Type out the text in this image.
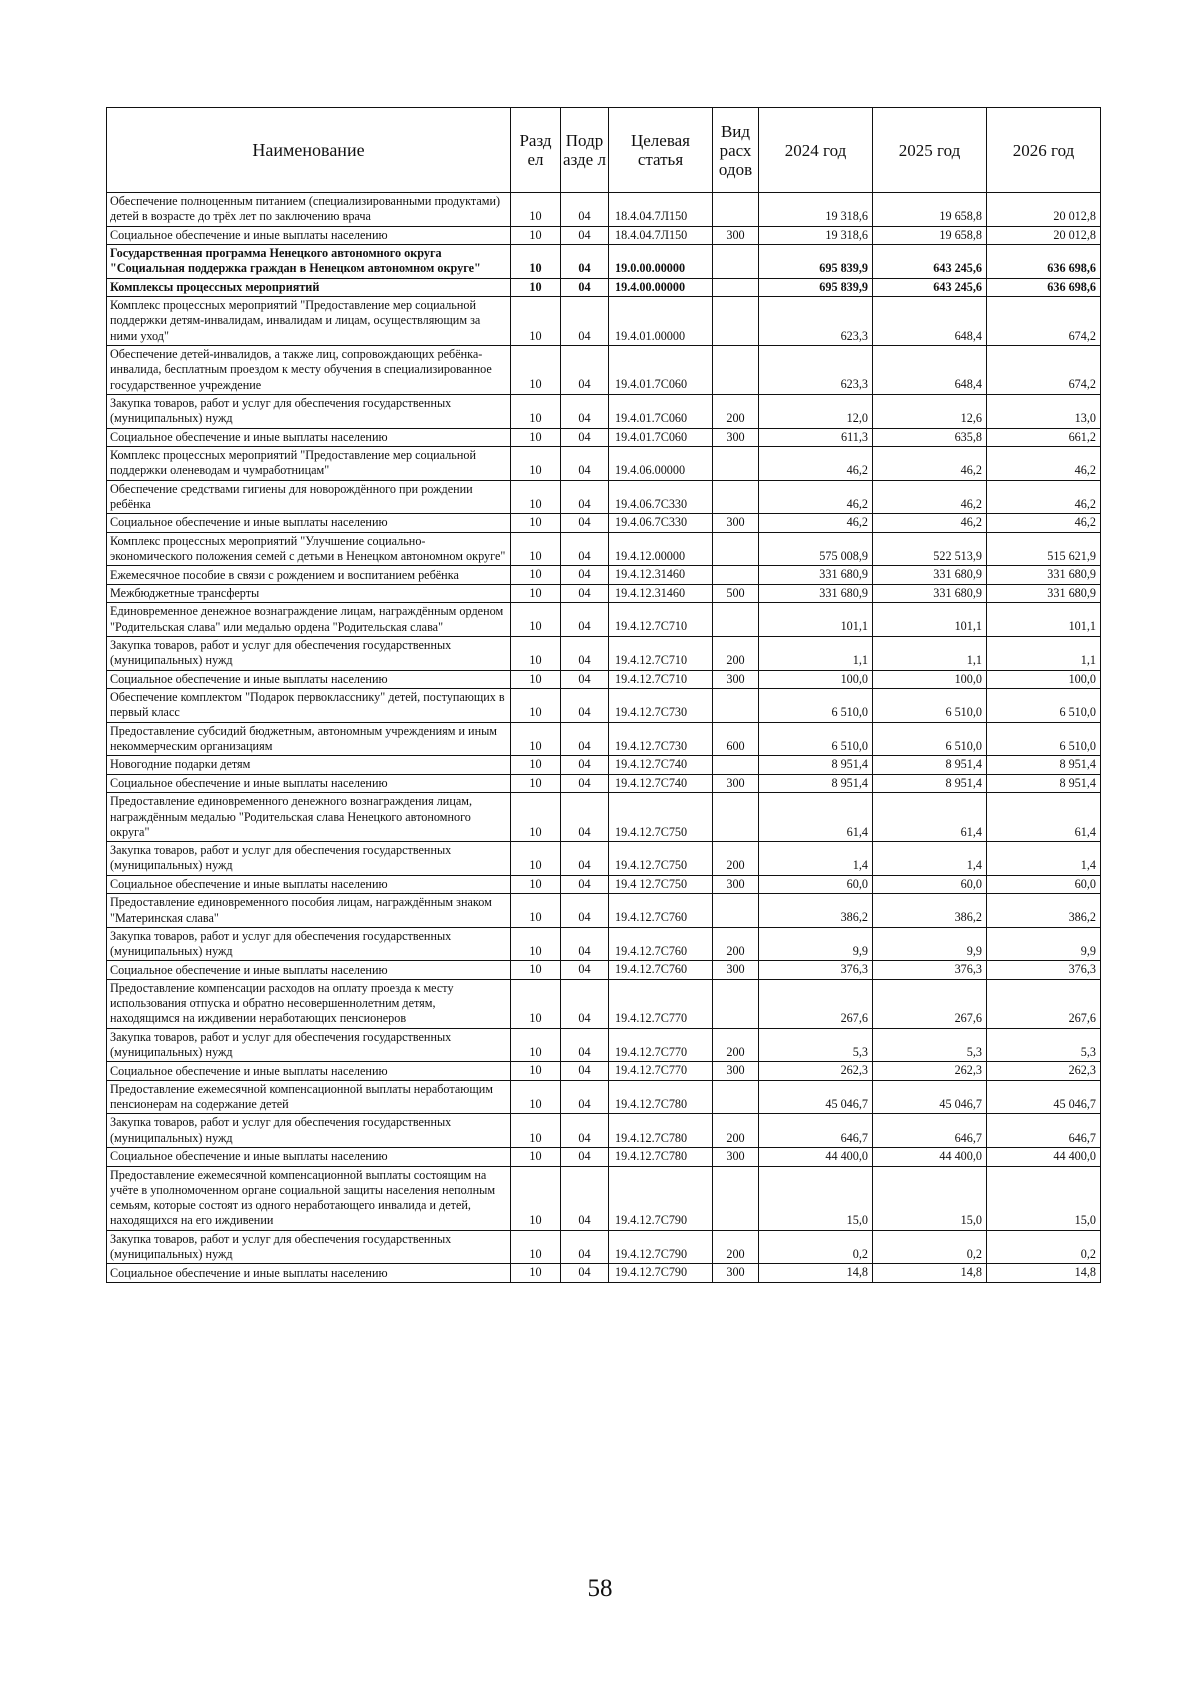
Наименование	Разд ел	Подр азде л	Целевая статья	Вид расх одов	2024 год	2025 год	2026 год
Обеспечение полноценным питанием (специализированными продуктами) детей в возрасте до трёх лет по заключению врача	10	04	18.4.04.7Л150		19 318,6	19 658,8	20 012,8
Социальное обеспечение и иные выплаты населению	10	04	18.4.04.7Л150	300	19 318,6	19 658,8	20 012,8
Государственная программа Ненецкого автономного округа "Социальная поддержка граждан в Ненецком автономном округе"	10	04	19.0.00.00000		695 839,9	643 245,6	636 698,6
Комплексы процессных мероприятий	10	04	19.4.00.00000		695 839,9	643 245,6	636 698,6
Комплекс процессных мероприятий "Предоставление мер социальной поддержки детям-инвалидам, инвалидам и лицам, осуществляющим за ними уход"	10	04	19.4.01.00000		623,3	648,4	674,2
Обеспечение детей-инвалидов, а также лиц, сопровождающих ребёнка-инвалида, бесплатным проездом к месту обучения в специализированное государственное учреждение	10	04	19.4.01.7С060		623,3	648,4	674,2
Закупка товаров, работ и услуг для обеспечения государственных (муниципальных) нужд	10	04	19.4.01.7С060	200	12,0	12,6	13,0
Социальное обеспечение и иные выплаты населению	10	04	19.4.01.7С060	300	611,3	635,8	661,2
Комплекс процессных мероприятий "Предоставление мер социальной поддержки оленеводам и чумработницам"	10	04	19.4.06.00000		46,2	46,2	46,2
Обеспечение средствами гигиены для новорождённого при рождении ребёнка	10	04	19.4.06.7С330		46,2	46,2	46,2
Социальное обеспечение и иные выплаты населению	10	04	19.4.06.7С330	300	46,2	46,2	46,2
Комплекс процессных мероприятий "Улучшение социально-экономического положения семей с детьми в Ненецком автономном округе"	10	04	19.4.12.00000		575 008,9	522 513,9	515 621,9
Ежемесячное пособие в связи с рождением и воспитанием ребёнка	10	04	19.4.12.31460		331 680,9	331 680,9	331 680,9
Межбюджетные трансферты	10	04	19.4.12.31460	500	331 680,9	331 680,9	331 680,9
Единовременное денежное вознаграждение лицам, награждённым орденом "Родительская слава" или медалью ордена "Родительская слава"	10	04	19.4.12.7С710		101,1	101,1	101,1
Закупка товаров, работ и услуг для обеспечения государственных (муниципальных) нужд	10	04	19.4.12.7С710	200	1,1	1,1	1,1
Социальное обеспечение и иные выплаты населению	10	04	19.4.12.7С710	300	100,0	100,0	100,0
Обеспечение комплектом "Подарок первокласснику" детей, поступающих в первый класс	10	04	19.4.12.7С730		6 510,0	6 510,0	6 510,0
Предоставление субсидий бюджетным, автономным учреждениям и иным некоммерческим организациям	10	04	19.4.12.7С730	600	6 510,0	6 510,0	6 510,0
Новогодние подарки детям	10	04	19.4.12.7С740		8 951,4	8 951,4	8 951,4
Социальное обеспечение и иные выплаты населению	10	04	19.4.12.7С740	300	8 951,4	8 951,4	8 951,4
Предоставление единовременного денежного вознаграждения лицам, награждённым медалью "Родительская слава Ненецкого автономного округа"	10	04	19.4.12.7С750		61,4	61,4	61,4
Закупка товаров, работ и услуг для обеспечения государственных (муниципальных) нужд	10	04	19.4.12.7С750	200	1,4	1,4	1,4
Социальное обеспечение и иные выплаты населению	10	04	19.4 12.7С750	300	60,0	60,0	60,0
Предоставление единовременного пособия лицам, награждённым знаком "Материнская слава"	10	04	19.4.12.7С760		386,2	386,2	386,2
Закупка товаров, работ и услуг для обеспечения государственных (муниципальных) нужд	10	04	19.4.12.7С760	200	9,9	9,9	9,9
Социальное обеспечение и иные выплаты населению	10	04	19.4.12.7С760	300	376,3	376,3	376,3
Предоставление компенсации расходов на оплату проезда к месту использования отпуска и обратно несовершеннолетним детям, находящимся на иждивении неработающих пенсионеров	10	04	19.4.12.7С770		267,6	267,6	267,6
Закупка товаров, работ и услуг для обеспечения государственных (муниципальных) нужд	10	04	19.4.12.7С770	200	5,3	5,3	5,3
Социальное обеспечение и иные выплаты населению	10	04	19.4.12.7С770	300	262,3	262,3	262,3
Предоставление ежемесячной компенсационной выплаты неработающим пенсионерам на содержание детей	10	04	19.4.12.7С780		45 046,7	45 046,7	45 046,7
Закупка товаров, работ и услуг для обеспечения государственных (муниципальных) нужд	10	04	19.4.12.7С780	200	646,7	646,7	646,7
Социальное обеспечение и иные выплаты населению	10	04	19.4.12.7С780	300	44 400,0	44 400,0	44 400,0
Предоставление ежемесячной компенсационной выплаты состоящим на учёте в уполномоченном органе социальной защиты населения неполным семьям, которые состоят из одного неработающего инвалида и детей, находящихся на его иждивении	10	04	19.4.12.7С790		15,0	15,0	15,0
Закупка товаров, работ и услуг для обеспечения государственных (муниципальных) нужд	10	04	19.4.12.7С790	200	0,2	0,2	0,2
Социальное обеспечение и иные выплаты населению	10	04	19.4.12.7С790	300	14,8	14,8	14,8
58
